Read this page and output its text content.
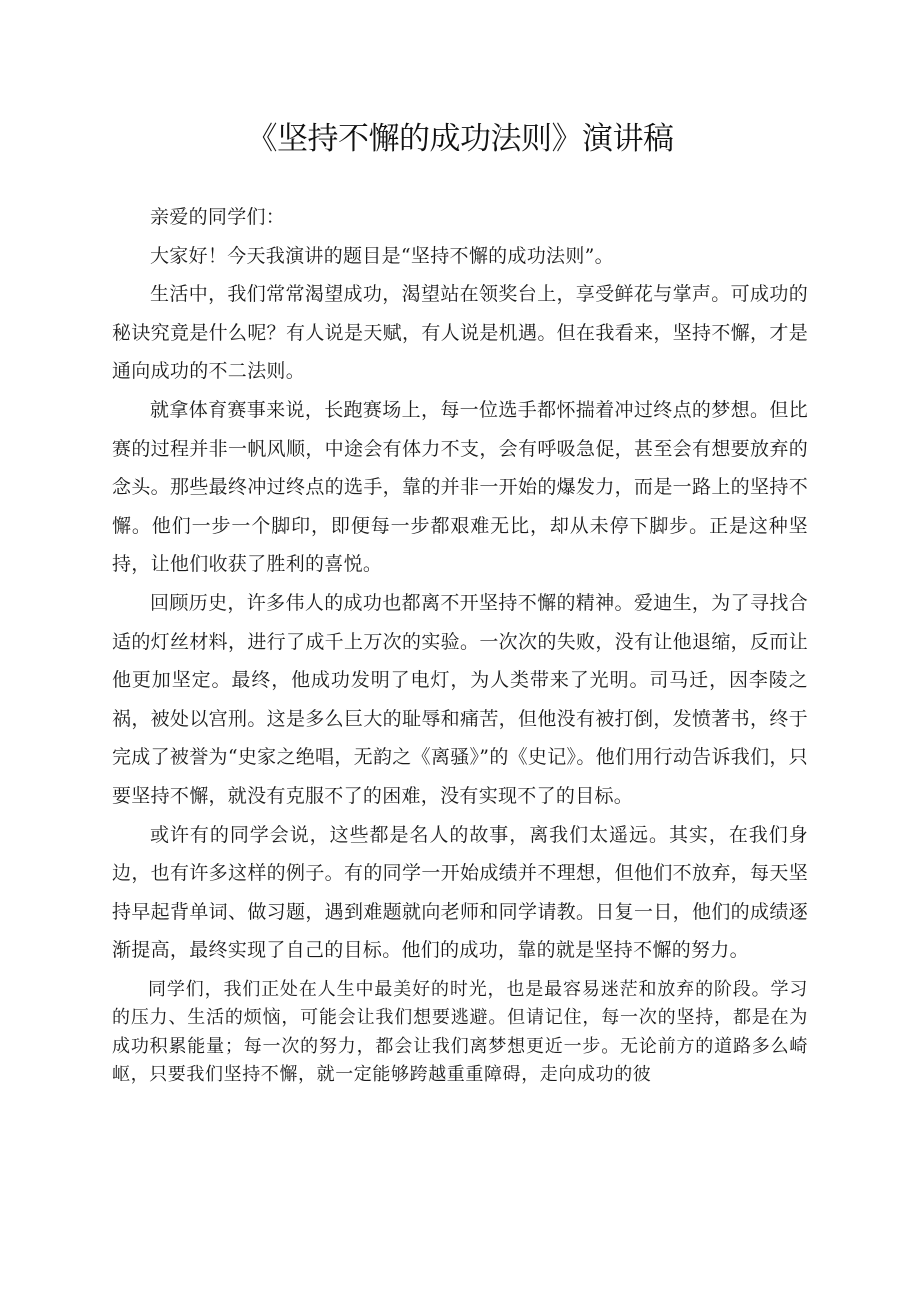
《坚持不懈的成功法则》演讲稿

亲爱的同学们：

大家好！今天我演讲的题目是“坚持不懈的成功法则”。

生活中，我们常常渴望成功，渴望站在领奖台上，享受鲜花与掌声。可成功的秘诀究竟是什么呢？有人说是天赋，有人说是机遇。但在我看来，坚持不懈，才是通向成功的不二法则。

就拿体育赛事来说，长跑赛场上，每一位选手都怀揣着冲过终点的梦想。但比赛的过程并非一帆风顺，中途会有体力不支，会有呼吸急促，甚至会有想要放弃的念头。那些最终冲过终点的选手，靠的并非一开始的爆发力，而是一路上的坚持不懈。他们一步一个脚印，即便每一步都艰难无比，却从未停下脚步。正是这种坚持，让他们收获了胜利的喜悦。

回顾历史，许多伟人的成功也都离不开坚持不懈的精神。爱迪生，为了寻找合适的灯丝材料，进行了成千上万次的实验。一次次的失败，没有让他退缩，反而让他更加坚定。最终，他成功发明了电灯，为人类带来了光明。司马迁，因李陵之祸，被处以宫刑。这是多么巨大的耻辱和痛苦，但他没有被打倒，发愤著书，终于完成了被誉为“史家之绝唱，无韵之《离骚》”的《史记》。他们用行动告诉我们，只要坚持不懈，就没有克服不了的困难，没有实现不了的目标。

或许有的同学会说，这些都是名人的故事，离我们太遥远。其实，在我们身边，也有许多这样的例子。有的同学一开始成绩并不理想，但他们不放弃，每天坚持早起背单词、做习题，遇到难题就向老师和同学请教。日复一日，他们的成绩逐渐提高，最终实现了自己的目标。他们的成功，靠的就是坚持不懈的努力。

同学们，我们正处在人生中最美好的时光，也是最容易迷茫和放弃的阶段。学习的压力、生活的烦恼，可能会让我们想要逃避。但请记住，每一次的坚持，都是在为成功积累能量；每一次的努力，都会让我们离梦想更近一步。无论前方的道路多么崎岖，只要我们坚持不懈，就一定能够跨越重重障碍，走向成功的彼
